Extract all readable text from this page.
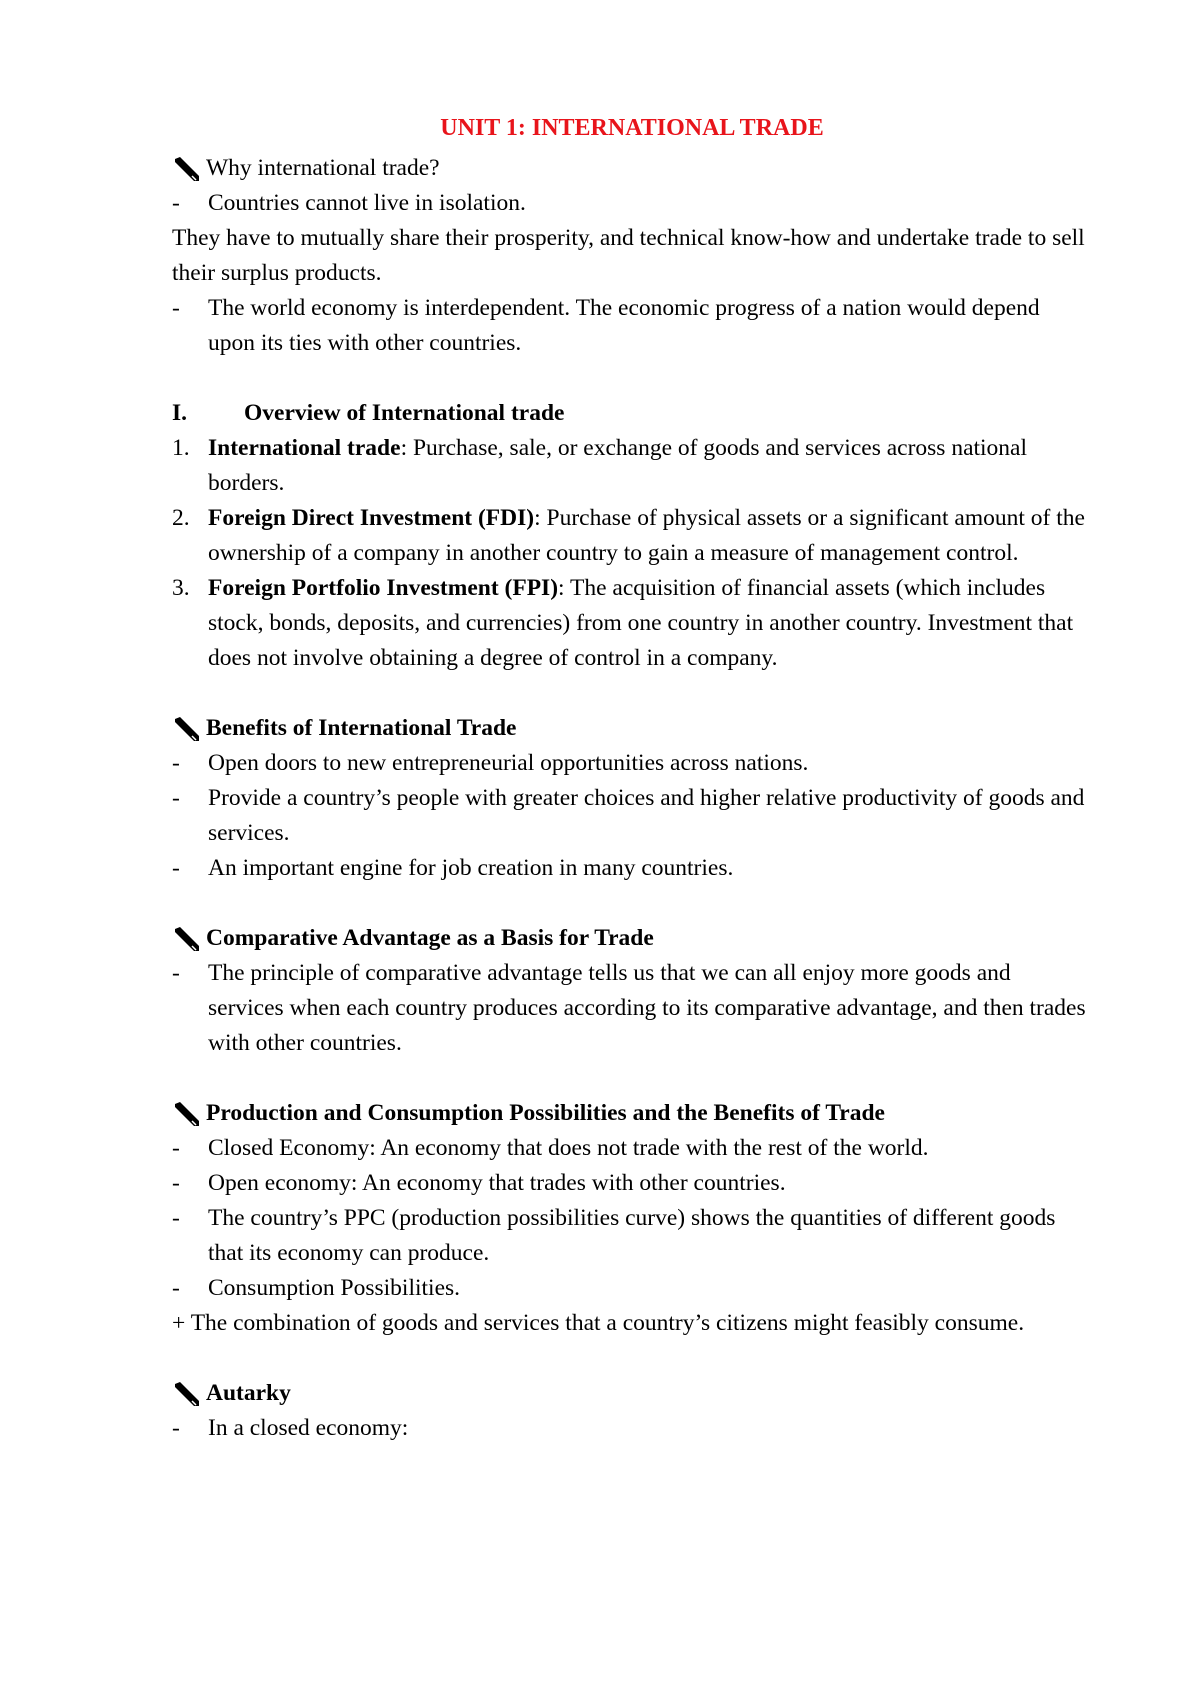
UNIT 1: INTERNATIONAL TRADE
Why international trade?
-	Countries cannot live in isolation.
They have to mutually share their prosperity, and technical know-how and undertake trade to sell their surplus products.
-	The world economy is interdependent. The economic progress of a nation would depend upon its ties with other countries.
I.	Overview of International trade
1. International trade: Purchase, sale, or exchange of goods and services across national borders.
2. Foreign Direct Investment (FDI): Purchase of physical assets or a significant amount of the ownership of a company in another country to gain a measure of management control.
3. Foreign Portfolio Investment (FPI): The acquisition of financial assets (which includes stock, bonds, deposits, and currencies) from one country in another country. Investment that does not involve obtaining a degree of control in a company.
Benefits of International Trade
-	Open doors to new entrepreneurial opportunities across nations.
-	Provide a country’s people with greater choices and higher relative productivity of goods and services.
-	An important engine for job creation in many countries.
Comparative Advantage as a Basis for Trade
-	The principle of comparative advantage tells us that we can all enjoy more goods and services when each country produces according to its comparative advantage, and then trades with other countries.
Production and Consumption Possibilities and the Benefits of Trade
-	Closed Economy: An economy that does not trade with the rest of the world.
-	Open economy: An economy that trades with other countries.
-	The country’s PPC (production possibilities curve) shows the quantities of different goods that its economy can produce.
-	Consumption Possibilities.
+ The combination of goods and services that a country’s citizens might feasibly consume.
Autarky
-	In a closed economy:
